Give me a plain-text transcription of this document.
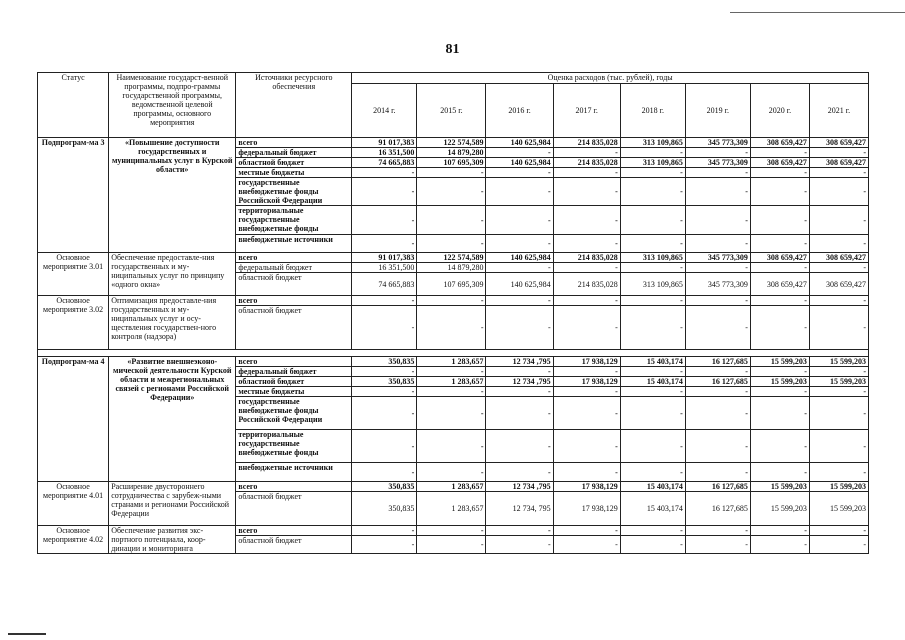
81
Статус	Наименование государст-венной программы, подпро-граммы государственной программы, ведомственной целевой программы, основного мероприятия	Источники ресурсного обеспечения	Оценка расходов (тыс. рублей), годы							
			2014 г.	2015 г.	2016 г.	2017 г.	2018 г.	2019 г.	2020 г.	2021 г.
Подпрограм-ма 3	«Повышение доступности государственных и муниципальных услуг в Курской области»	всего	91 017,383	122 574,589	140 625,984	214 835,028	313 109,865	345 773,309	308 659,427	308 659,427
		федеральный бюджет	16 351,500	14 879,280	-	-	-	-	-	-
		областной бюджет	74 665,883	107 695,309	140 625,984	214 835,028	313 109,865	345 773,309	308 659,427	308 659,427
		местные бюджеты	-	-	-	-	-	-	-	-
		государственные внебюджетные фонды Российской Федерации	-	-	-	-	-	-	-	-
		территориальные государственные внебюджетные фонды	-	-	-	-	-	-	-	-
		внебюджетные источники	-	-	-	-	-	-	-	-
Основное мероприятие 3.01	Обеспечение предоставле-ния государственных и му-ниципальных услуг по принципу «одного окна»	всего	91 017,383	122 574,589	140 625,984	214 835,028	313 109,865	345 773,309	308 659,427	308 659,427
		федеральный бюджет	16 351,500	14 879,280	-	-	-	-	-	-
		областной бюджет	74 665,883	107 695,309	140 625,984	214 835,028	313 109,865	345 773,309	308 659,427	308 659,427
Основное мероприятие 3.02	Оптимизация предоставле-ния государственных и му-ниципальных услуг и осу-ществления государствен-ного контроля (надзора)	всего	-	-	-	-	-	-	-	-
		областной бюджет	-	-	-	-	-	-	-	-

Подпрограм-ма 4	«Развитие внешнеэконо-мической деятельности Курской области и межрегиональных связей с регионами Российской Федерации»	всего	350,835	1 283,657	12 734 ,795	17 938,129	15 403,174	16 127,685	15 599,203	15 599,203
		федеральный бюджет	-	-	-	-	-	-	-	-
		областной бюджет	350,835	1 283,657	12 734 ,795	17 938,129	15 403,174	16 127,685	15 599,203	15 599,203
		местные бюджеты	-	-	-	-	-	-	-	-
		государственные внебюджетные фонды Российской Федерации	-	-	-	-	-	-	-	-
		территориальные государственные внебюджетные фонды	-	-	-	-	-	-	-	-
		внебюджетные источники	-	-	-	-	-	-	-	-
Основное мероприятие 4.01	Расширение двустороннего сотрудничества с зарубеж-ными странами и регионами Российской Федерации	всего	350,835	1 283,657	12 734 ,795	17 938,129	15 403,174	16 127,685	15 599,203	15 599,203
		областной бюджет	350,835	1 283,657	12 734, 795	17 938,129	15 403,174	16 127,685	15 599,203	15 599,203
Основное мероприятие 4.02	Обеспечение развития экс-портного потенциала, коор-динации и мониторинга	всего	-	-	-	-	-	-	-	-
		областной бюджет	-	-	-	-	-	-	-	-
